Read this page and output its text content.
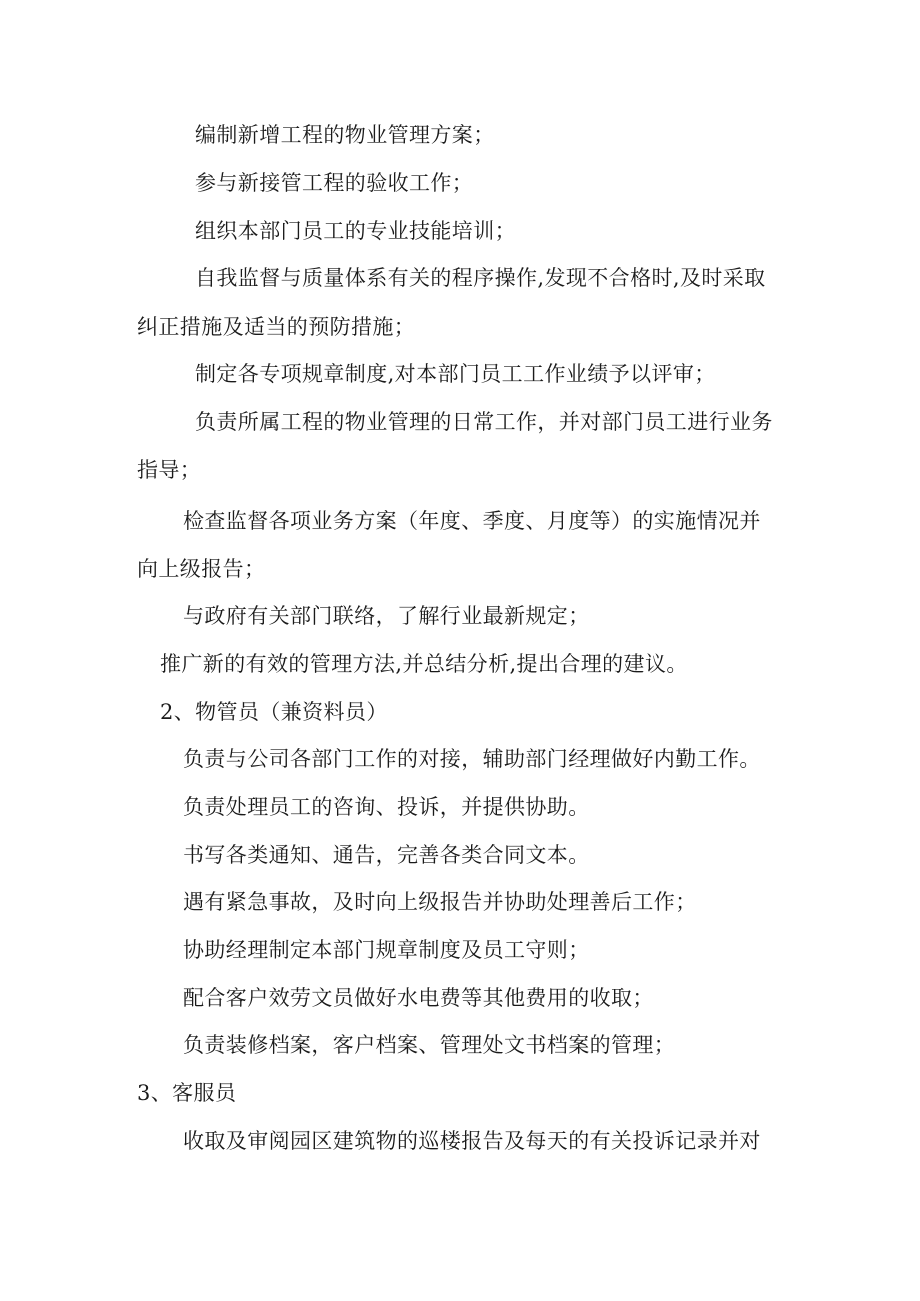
编制新增工程的物业管理方案；
参与新接管工程的验收工作；
组织本部门员工的专业技能培训；
自我监督与质量体系有关的程序操作,发现不合格时,及时采取
纠正措施及适当的预防措施；
制定各专项规章制度,对本部门员工工作业绩予以评审；
负责所属工程的物业管理的日常工作，并对部门员工进行业务
指导；
检查监督各项业务方案（年度、季度、月度等）的实施情况并
向上级报告；
与政府有关部门联络，了解行业最新规定；
推广新的有效的管理方法,并总结分析,提出合理的建议。
2、物管员（兼资料员）
负责与公司各部门工作的对接，辅助部门经理做好内勤工作。
负责处理员工的咨询、投诉，并提供协助。
书写各类通知、通告，完善各类合同文本。
遇有紧急事故，及时向上级报告并协助处理善后工作；
协助经理制定本部门规章制度及员工守则；
配合客户效劳文员做好水电费等其他费用的收取；
负责装修档案，客户档案、管理处文书档案的管理；
3、客服员
收取及审阅园区建筑物的巡楼报告及每天的有关投诉记录并对
